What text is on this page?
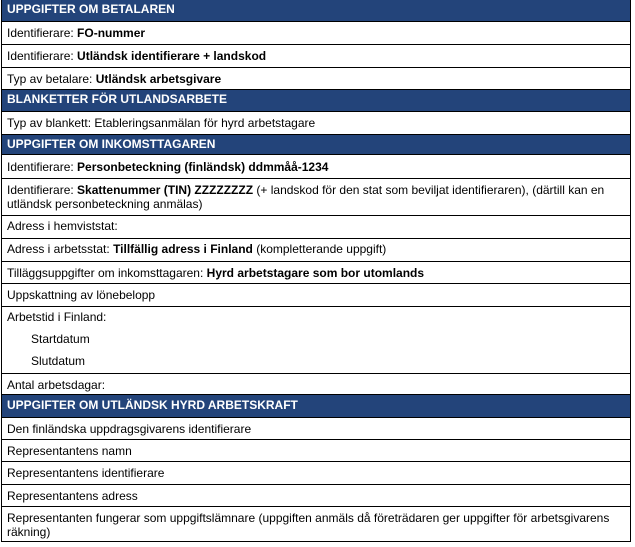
UPPGIFTER OM BETALAREN
Identifierare: FO-nummer
Identifierare: Utländsk identifierare + landskod
Typ av betalare: Utländsk arbetsgivare
BLANKETTER FÖR UTLANDSARBETE
Typ av blankett: Etableringsanmälan för hyrd arbetstagare
UPPGIFTER OM INKOMSTTAGAREN
Identifierare: Personbeteckning (finländsk) ddmmåå-1234
Identifierare: Skattenummer (TIN) ZZZZZZZZ (+ landskod för den stat som beviljat identifieraren), (därtill kan en utländsk personbeteckning anmälas)
Adress i hemviststat:
Adress i arbetsstat: Tillfällig adress i Finland (kompletterande uppgift)
Tilläggsuppgifter om inkomsttagaren: Hyrd arbetstagare som bor utomlands
Uppskattning av lönebelopp
Arbetstid i Finland:
Startdatum
Slutdatum
Antal arbetsdagar:
UPPGIFTER OM UTLÄNDSK HYRD ARBETSKRAFT
Den finländska uppdragsgivarens identifierare
Representantens namn
Representantens identifierare
Representantens adress
Representanten fungerar som uppgiftslämnare (uppgiften anmäls då företrädaren ger uppgifter för arbetsgivarens räkning)
